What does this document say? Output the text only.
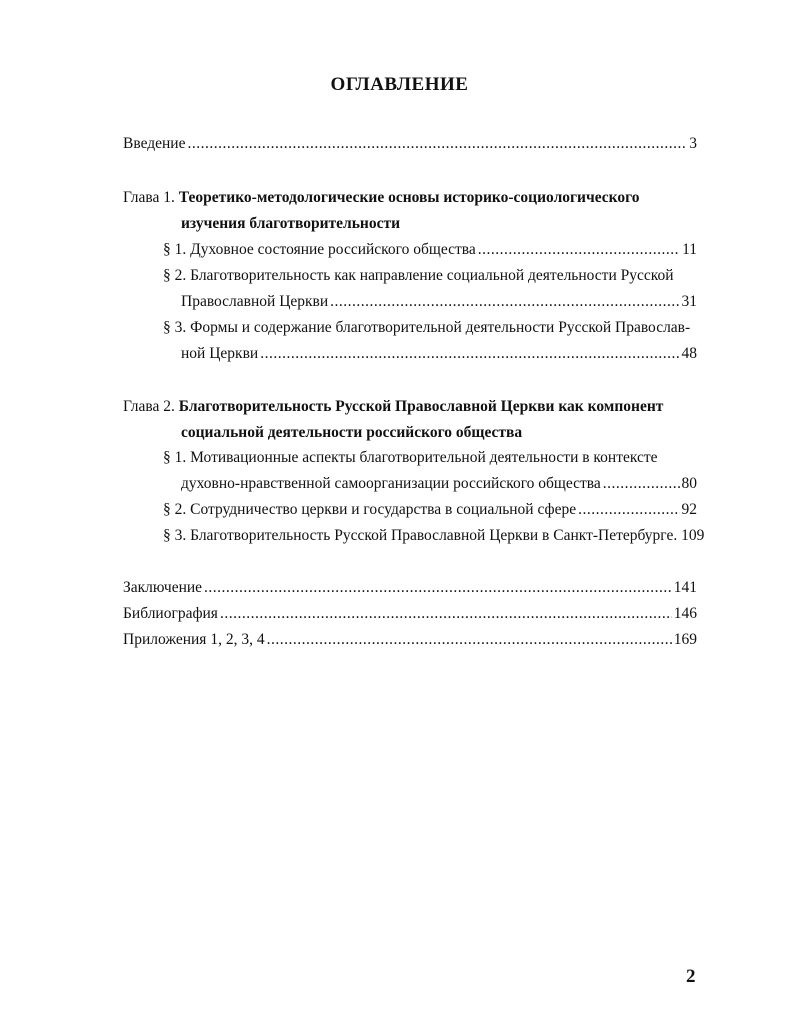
ОГЛАВЛЕНИЕ
Введение .....	3
Глава 1. Теоретико-методологические основы историко-социологического
изучения благотворительности
§ 1. Духовное состояние российского общества .....	11
§ 2. Благотворительность как направление социальной деятельности Русской
Православной Церкви .....	31
§ 3. Формы и содержание благотворительной деятельности Русской Православ-
ной Церкви .....	48
Глава 2. Благотворительность Русской Православной Церкви как компонент
социальной деятельности российского общества
§ 1. Мотивационные аспекты благотворительной деятельности в контексте
духовно-нравственной самоорганизации российского общества .....	80
§ 2. Сотрудничество церкви и государства в социальной сфере .....	92
§ 3. Благотворительность Русской Православной Церкви в Санкт-Петербурге. 109
Заключение .....	141
Библиография .....	146
Приложения 1, 2, 3, 4 .....	169
2
